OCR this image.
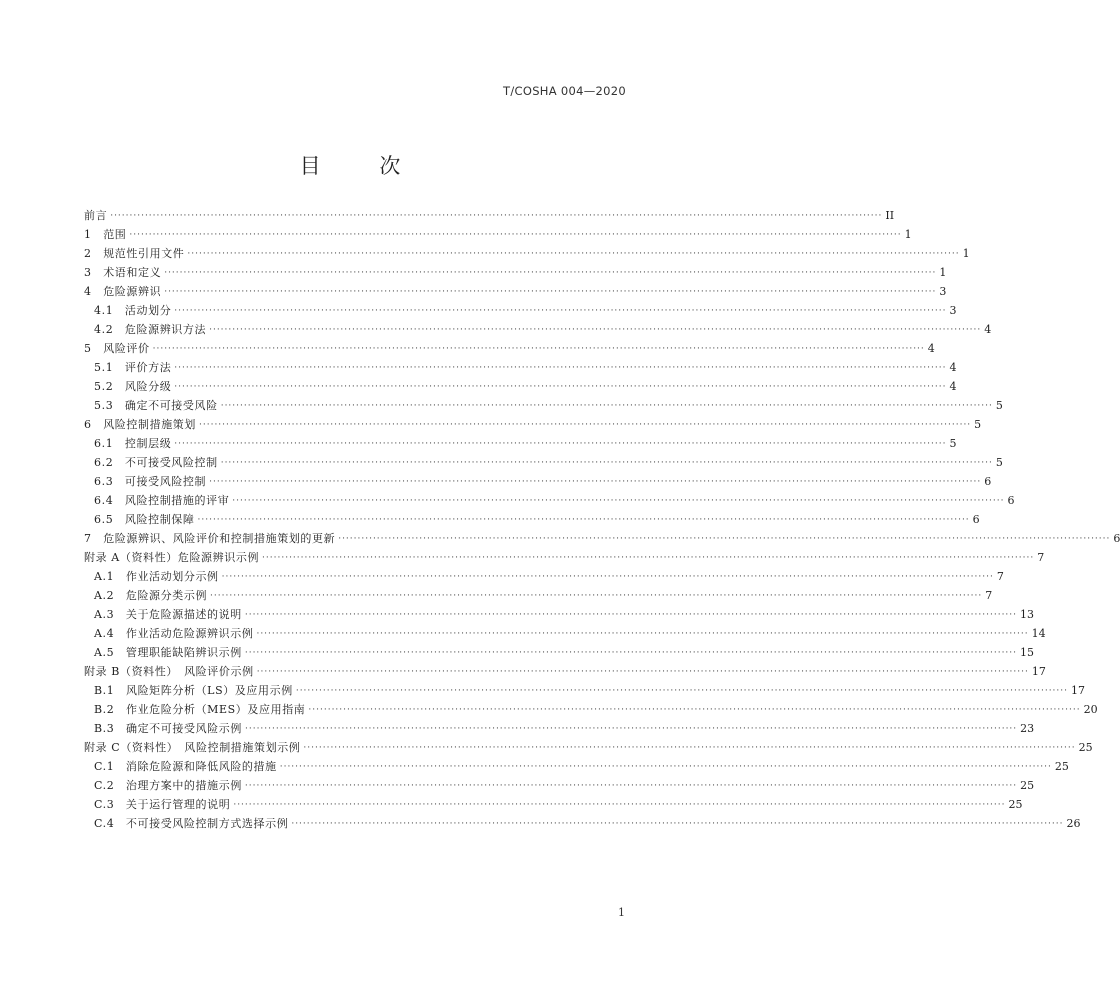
T/COSHA 004—2020
目 次
前言 ········································································································································································································ II
1　范围 ········································································································································································································ 1
2　规范性引用文件 ········································································································································································································ 1
3　术语和定义 ········································································································································································································ 1
4　危险源辨识 ········································································································································································································ 3
4.1　活动划分 ········································································································································································································ 3
4.2　危险源辨识方法 ········································································································································································································ 4
5　风险评价 ········································································································································································································ 4
5.1　评价方法 ········································································································································································································ 4
5.2　风险分级 ········································································································································································································ 4
5.3　确定不可接受风险 ········································································································································································································ 5
6　风险控制措施策划 ········································································································································································································ 5
6.1　控制层级 ········································································································································································································ 5
6.2　不可接受风险控制 ········································································································································································································ 5
6.3　可接受风险控制 ········································································································································································································ 6
6.4　风险控制措施的评审 ········································································································································································································ 6
6.5　风险控制保障 ········································································································································································································ 6
7　危险源辨识、风险评价和控制措施策划的更新 ········································································································································································································ 6
附录 A（资料性）危险源辨识示例 ········································································································································································································ 7
A.1　作业活动划分示例 ········································································································································································································ 7
A.2　危险源分类示例 ········································································································································································································ 7
A.3　关于危险源描述的说明 ········································································································································································································ 13
A.4　作业活动危险源辨识示例 ········································································································································································································ 14
A.5　管理职能缺陷辨识示例 ········································································································································································································ 15
附录 B（资料性）　风险评价示例 ········································································································································································································ 17
B.1　风险矩阵分析（LS）及应用示例 ········································································································································································································ 17
B.2　作业危险分析（MES）及应用指南 ········································································································································································································ 20
B.3　确定不可接受风险示例 ········································································································································································································ 23
附录 C（资料性）　风险控制措施策划示例 ········································································································································································································ 25
C.1　消除危险源和降低风险的措施 ········································································································································································································ 25
C.2　治理方案中的措施示例 ········································································································································································································ 25
C.3　关于运行管理的说明 ········································································································································································································ 25
C.4　不可接受风险控制方式选择示例 ········································································································································································································ 26
1
